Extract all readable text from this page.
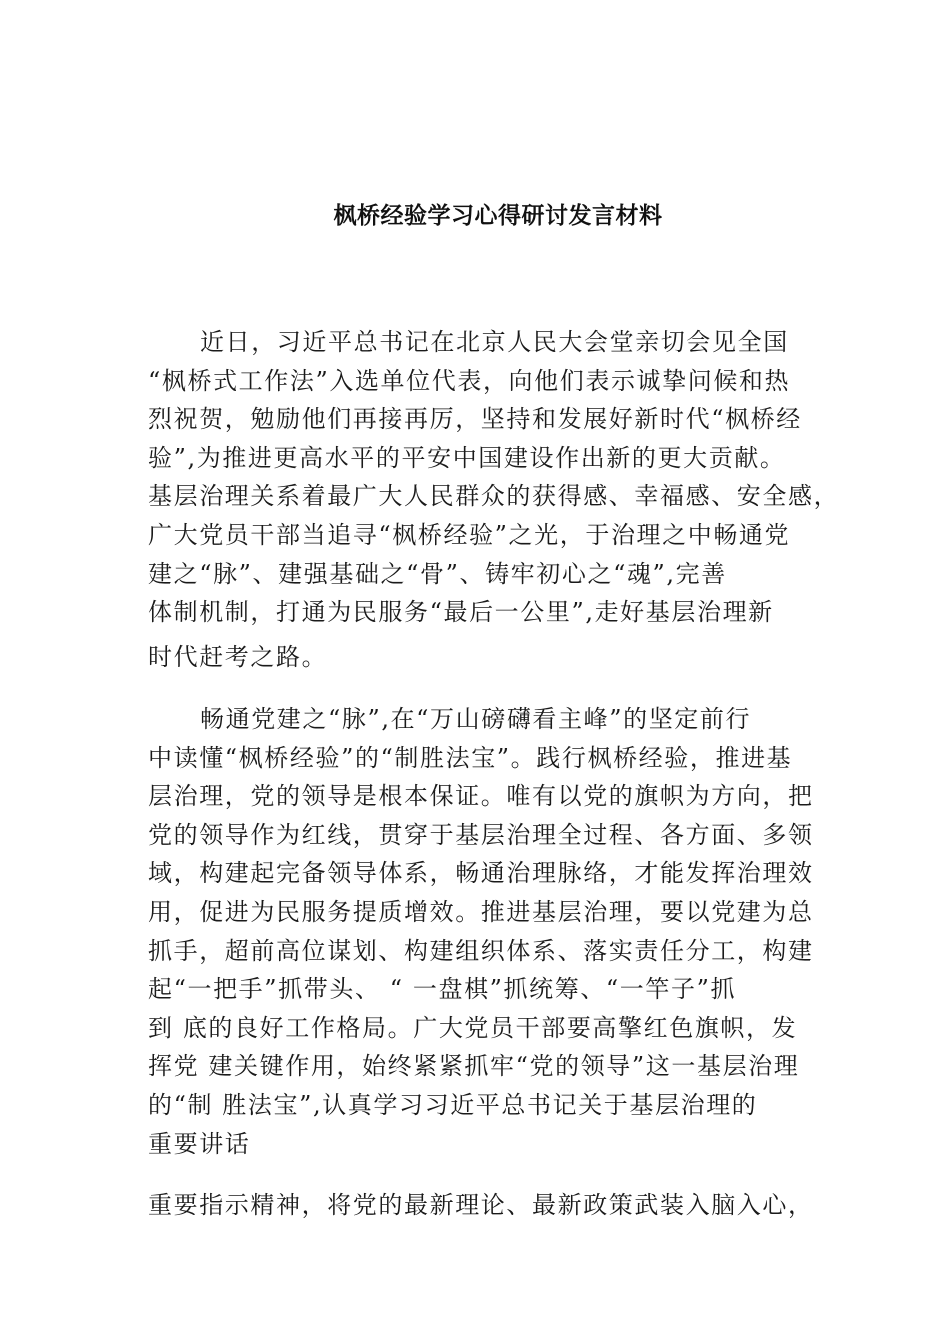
枫桥经验学习心得研讨发言材料
近日，习近平总书记在北京人民大会堂亲切会见全国
“枫桥式工作法”入选单位代表，向他们表示诚挚问候和热
烈祝贺，勉励他们再接再厉，坚持和发展好新时代“枫桥经
验”,为推进更高水平的平安中国建设作出新的更大贡献。
基层治理关系着最广大人民群众的获得感、幸福感、安全感，
广大党员干部当追寻“枫桥经验”之光，于治理之中畅通党
建之“脉”、建强基础之“骨”、铸牢初心之“魂”,完善
体制机制，打通为民服务“最后一公里”,走好基层治理新
时代赶考之路。
畅通党建之“脉”,在“万山磅礴看主峰”的坚定前行
中读懂“枫桥经验”的“制胜法宝”。践行枫桥经验，推进基
层治理，党的领导是根本保证。唯有以党的旗帜为方向，把
党的领导作为红线，贯穿于基层治理全过程、各方面、多领
域，构建起完备领导体系，畅通治理脉络，才能发挥治理效
用，促进为民服务提质增效。推进基层治理，要以党建为总
抓手，超前高位谋划、构建组织体系、落实责任分工，构建
起“一把手”抓带头、 “ 一盘棋”抓统筹、“一竿子”抓
到 底的良好工作格局。广大党员干部要高擎红色旗帜，发
挥党 建关键作用，始终紧紧抓牢“党的领导”这一基层治理
的“制 胜法宝”,认真学习习近平总书记关于基层治理的
重要讲话
重要指示精神，将党的最新理论、最新政策武装入脑入心，
